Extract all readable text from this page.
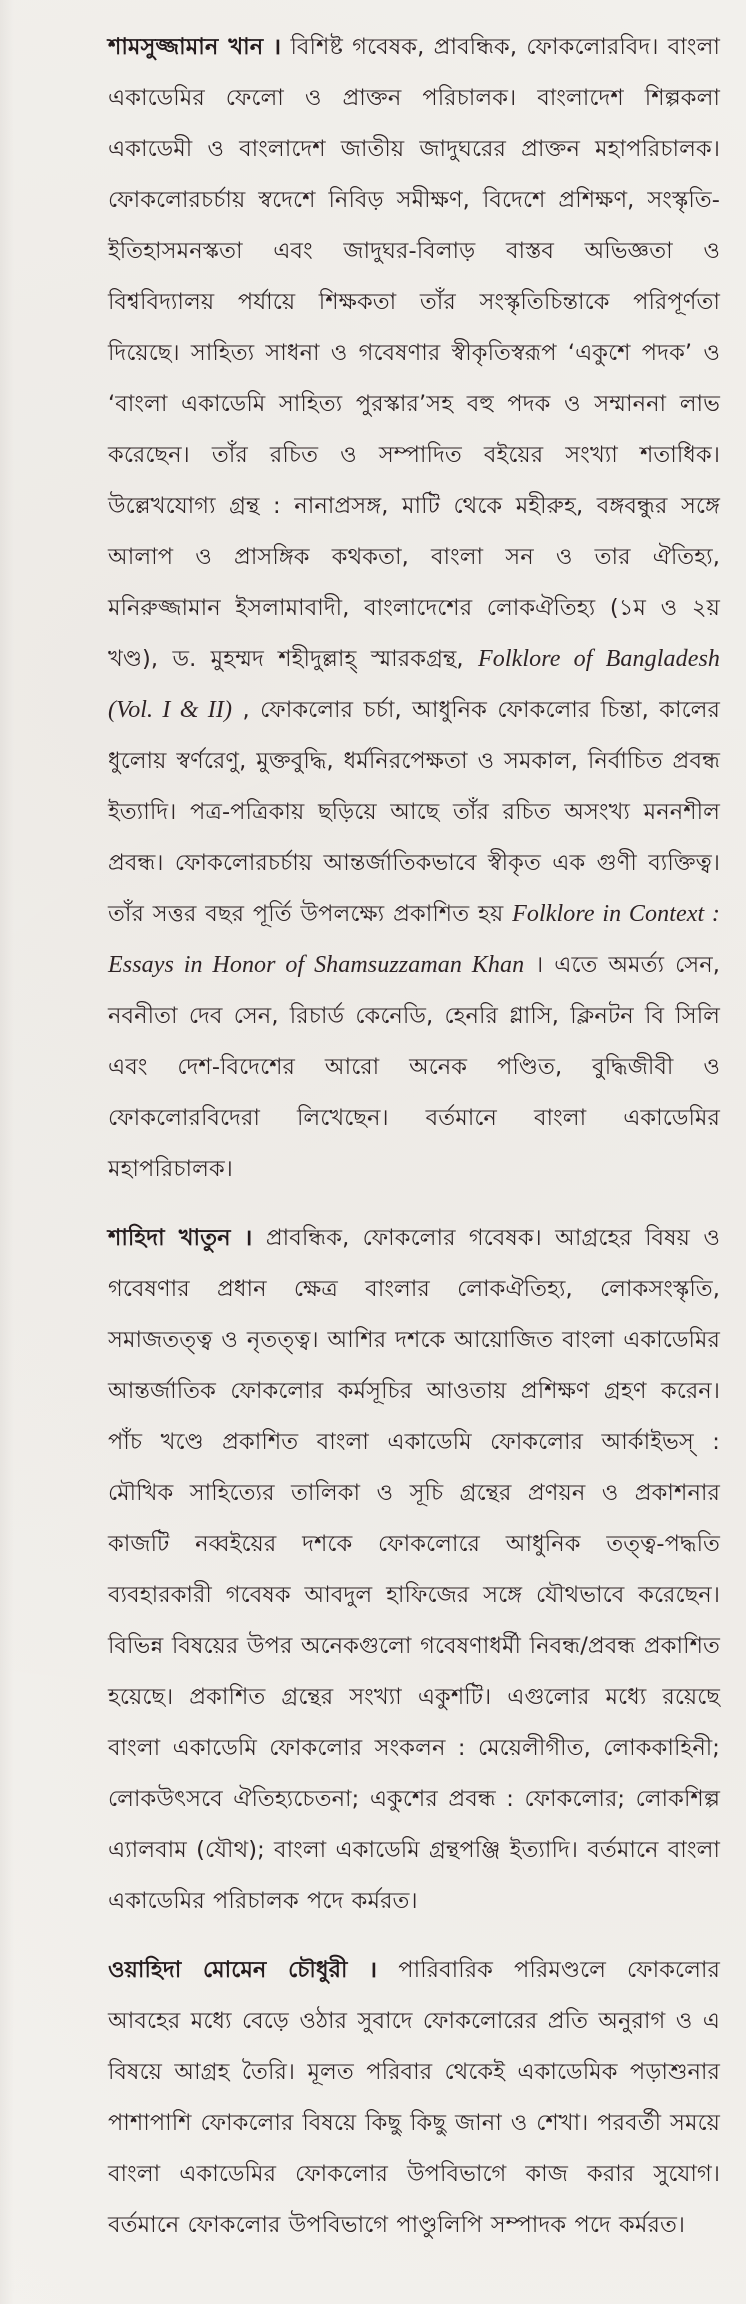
শামসুজ্জামান খান । বিশিষ্ট গবেষক, প্রাবন্ধিক, ফোকলোরবিদ। বাংলা একাডেমির ফেলো ও প্রাক্তন পরিচালক। বাংলাদেশ শিল্পকলা একাডেমী ও বাংলাদেশ জাতীয় জাদুঘরের প্রাক্তন মহাপরিচালক। ফোকলোরচর্চায় স্বদেশে নিবিড় সমীক্ষণ, বিদেশে প্রশিক্ষণ, সংস্কৃতি-ইতিহাসমনস্কতা এবং জাদুঘর-বিলাড় বাস্তব অভিজ্ঞতা ও বিশ্ববিদ্যালয় পর্যায়ে শিক্ষকতা তাঁর সংস্কৃতিচিন্তাকে পরিপূর্ণতা দিয়েছে। সাহিত্য সাধনা ও গবেষণার স্বীকৃতিস্বরূপ ‘একুশে পদক’ ও ‘বাংলা একাডেমি সাহিত্য পুরস্কার’সহ বহু পদক ও সম্মাননা লাভ করেছেন। তাঁর রচিত ও সম্পাদিত বইয়ের সংখ্যা শতাধিক। উল্লেখযোগ্য গ্রন্থ : নানাপ্রসঙ্গ, মাটি থেকে মহীরুহ, বঙ্গবন্ধুর সঙ্গে আলাপ ও প্রাসঙ্গিক কথকতা, বাংলা সন ও তার ঐতিহ্য, মনিরুজ্জামান ইসলামাবাদী, বাংলাদেশের লোকঐতিহ্য (১ম ও ২য় খণ্ড), ড. মুহম্মদ শহীদুল্লাহ্ স্মারকগ্রন্থ, Folklore of Bangladesh (Vol. I & II) , ফোকলোর চর্চা, আধুনিক ফোকলোর চিন্তা, কালের ধুলোয় স্বর্ণরেণু, মুক্তবুদ্ধি, ধর্মনিরপেক্ষতা ও সমকাল, নির্বাচিত প্রবন্ধ ইত্যাদি। পত্র-পত্রিকায় ছড়িয়ে আছে তাঁর রচিত অসংখ্য মননশীল প্রবন্ধ। ফোকলোরচর্চায় আন্তর্জাতিকভাবে স্বীকৃত এক গুণী ব্যক্তিত্ব। তাঁর সত্তর বছর পূর্তি উপলক্ষ্যে প্রকাশিত হয় Folklore in Context : Essays in Honor of Shamsuzzaman Khan । এতে অমর্ত্য সেন, নবনীতা দেব সেন, রিচার্ড কেনেডি, হেনরি গ্লাসি, ক্লিনটন বি সিলি এবং দেশ-বিদেশের আরো অনেক পণ্ডিত, বুদ্ধিজীবী ও ফোকলোরবিদেরা লিখেছেন। বর্তমানে বাংলা একাডেমির মহাপরিচালক।

শাহিদা খাতুন । প্রাবন্ধিক, ফোকলোর গবেষক। আগ্রহের বিষয় ও গবেষণার প্রধান ক্ষেত্র বাংলার লোকঐতিহ্য, লোকসংস্কৃতি, সমাজতত্ত্ব ও নৃতত্ত্ব। আশির দশকে আয়োজিত বাংলা একাডেমির আন্তর্জাতিক ফোকলোর কর্মসূচির আওতায় প্রশিক্ষণ গ্রহণ করেন। পাঁচ খণ্ডে প্রকাশিত বাংলা একাডেমি ফোকলোর আর্কাইভস্ : মৌখিক সাহিত্যের তালিকা ও সূচি গ্রন্থের প্রণয়ন ও প্রকাশনার কাজটি নব্বইয়ের দশকে ফোকলোরে আধুনিক তত্ত্ব-পদ্ধতি ব্যবহারকারী গবেষক আবদুল হাফিজের সঙ্গে যৌথভাবে করেছেন। বিভিন্ন বিষয়ের উপর অনেকগুলো গবেষণাধর্মী নিবন্ধ/প্রবন্ধ প্রকাশিত হয়েছে। প্রকাশিত গ্রন্থের সংখ্যা একুশটি। এগুলোর মধ্যে রয়েছে বাংলা একাডেমি ফোকলোর সংকলন : মেয়েলীগীত, লোককাহিনী; লোকউৎসবে ঐতিহ্যচেতনা; একুশের প্রবন্ধ : ফোকলোর; লোকশিল্প এ্যালবাম (যৌথ); বাংলা একাডেমি গ্রন্থপঞ্জি ইত্যাদি। বর্তমানে বাংলা একাডেমির পরিচালক পদে কর্মরত।

ওয়াহিদা মোমেন চৌধুরী । পারিবারিক পরিমণ্ডলে ফোকলোর আবহের মধ্যে বেড়ে ওঠার সুবাদে ফোকলোরের প্রতি অনুরাগ ও এ বিষয়ে আগ্রহ তৈরি। মূলত পরিবার থেকেই একাডেমিক পড়াশুনার পাশাপাশি ফোকলোর বিষয়ে কিছু কিছু জানা ও শেখা। পরবর্তী সময়ে বাংলা একাডেমির ফোকলোর উপবিভাগে কাজ করার সুযোগ। বর্তমানে ফোকলোর উপবিভাগে পাণ্ডুলিপি সম্পাদক পদে কর্মরত।
